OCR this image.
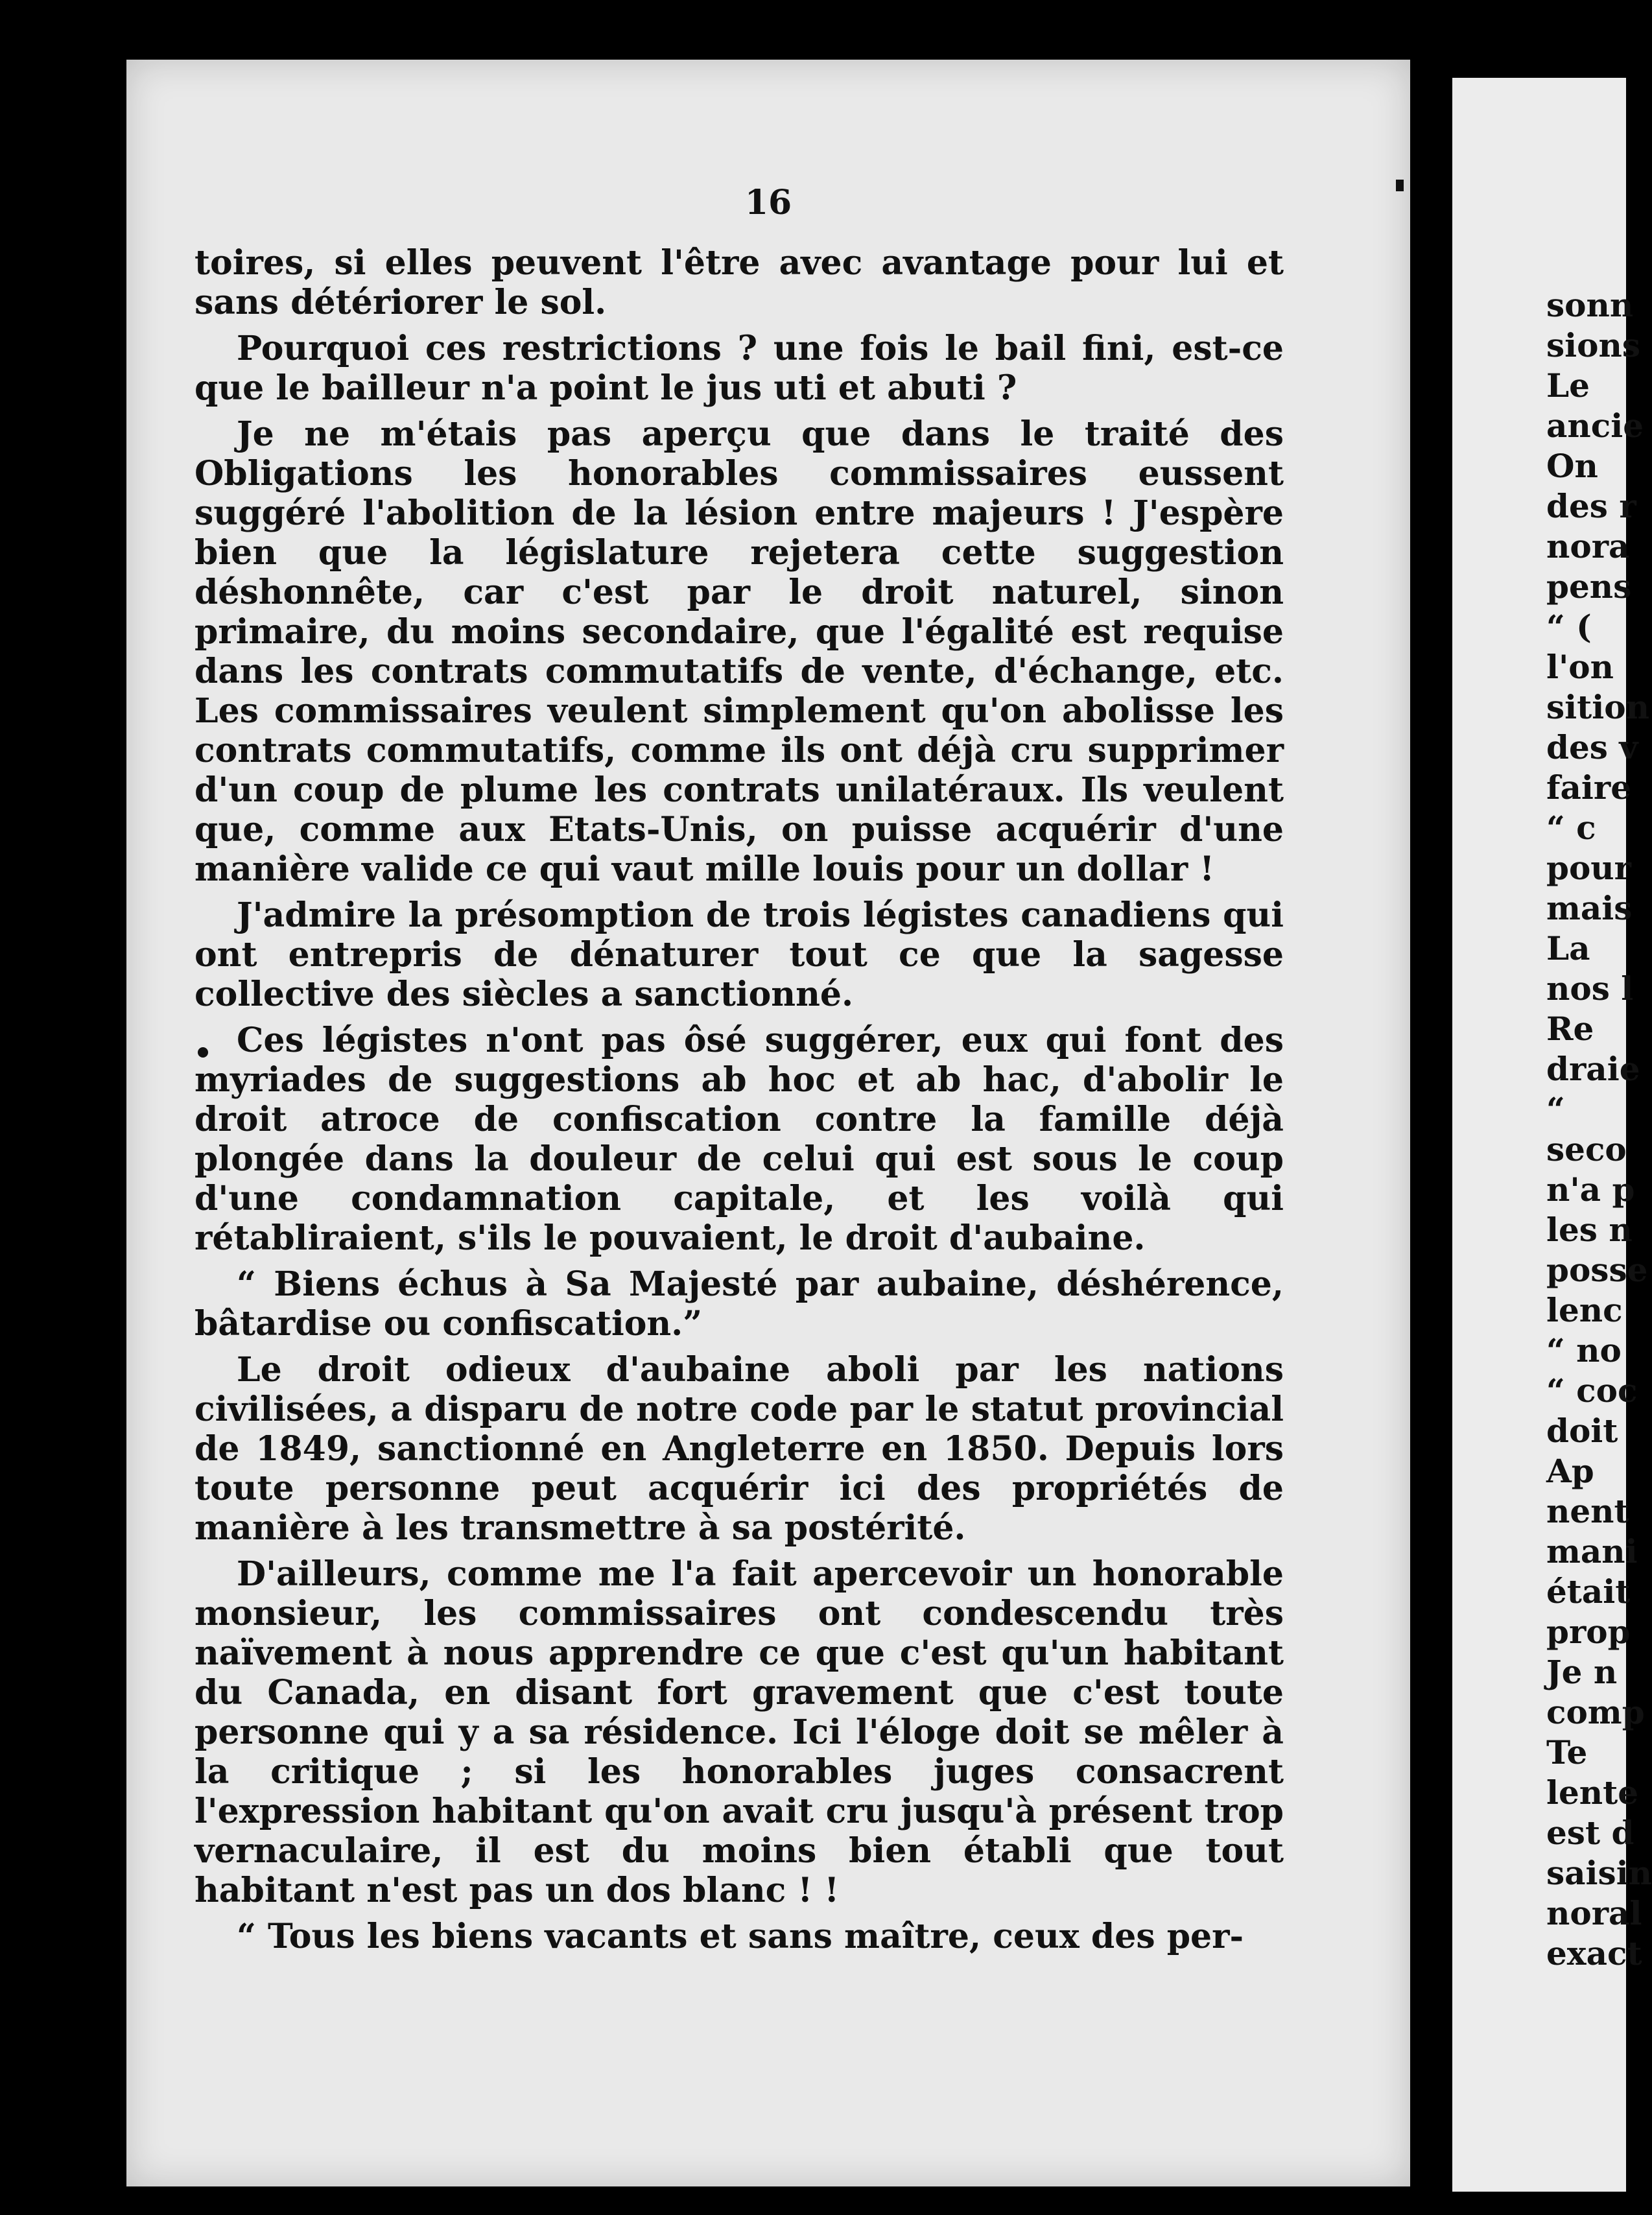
16

toires, si elles peuvent l'être avec avantage pour lui et sans détériorer le sol.

Pourquoi ces restrictions ? une fois le bail fini, est-ce que le bailleur n'a point le jus uti et abuti ?

Je ne m'étais pas aperçu que dans le traité des Obligations les honorables commissaires eussent suggéré l'abolition de la lésion entre majeurs ! J'espère bien que la législature rejetera cette suggestion déshonnête, car c'est par le droit naturel, sinon primaire, du moins secondaire, que l'égalité est requise dans les contrats commutatifs de vente, d'échange, etc. Les commissaires veulent simplement qu'on abolisse les contrats commutatifs, comme ils ont déjà cru supprimer d'un coup de plume les contrats unilatéraux. Ils veulent que, comme aux Etats-Unis, on puisse acquérir d'une manière valide ce qui vaut mille louis pour un dollar !

J'admire la présomption de trois légistes canadiens qui ont entrepris de dénaturer tout ce que la sagesse collective des siècles a sanctionné.

Ces légistes n'ont pas ôsé suggérer, eux qui font des myriades de suggestions ab hoc et ab hac, d'abolir le droit atroce de confiscation contre la famille déjà plongée dans la douleur de celui qui est sous le coup d'une condamnation capitale, et les voilà qui rétabliraient, s'ils le pouvaient, le droit d'aubaine.

“ Biens échus à Sa Majesté par aubaine, déshérence, bâtardise ou confiscation.”

Le droit odieux d'aubaine aboli par les nations civilisées, a disparu de notre code par le statut provincial de 1849, sanctionné en Angleterre en 1850. Depuis lors toute personne peut acquérir ici des propriétés de manière à les transmettre à sa postérité.

D'ailleurs, comme me l'a fait apercevoir un honorable monsieur, les commissaires ont condescendu très naïvement à nous apprendre ce que c'est qu'un habitant du Canada, en disant fort gravement que c'est toute personne qui y a sa résidence. Ici l'éloge doit se mêler à la critique ; si les honorables juges consacrent l'expression habitant qu'on avait cru jusqu'à présent trop vernaculaire, il est du moins bien établi que tout habitant n'est pas un dos blanc ! !

“ Tous les biens vacants et sans maître, ceux des per-

sonn
sions
Le
ancie
On
des r
nora
pens
“ (
l'on
sition
des v
faire
“ c
pour
mais
La
nos l
Re
draie
“
seco
n'a p
les n
posse
lenc
“ no
“ coc
doit
Ap
nent
mani
était
prop
Je n
comp
Te
lente
est d
saisin
noral
exact
